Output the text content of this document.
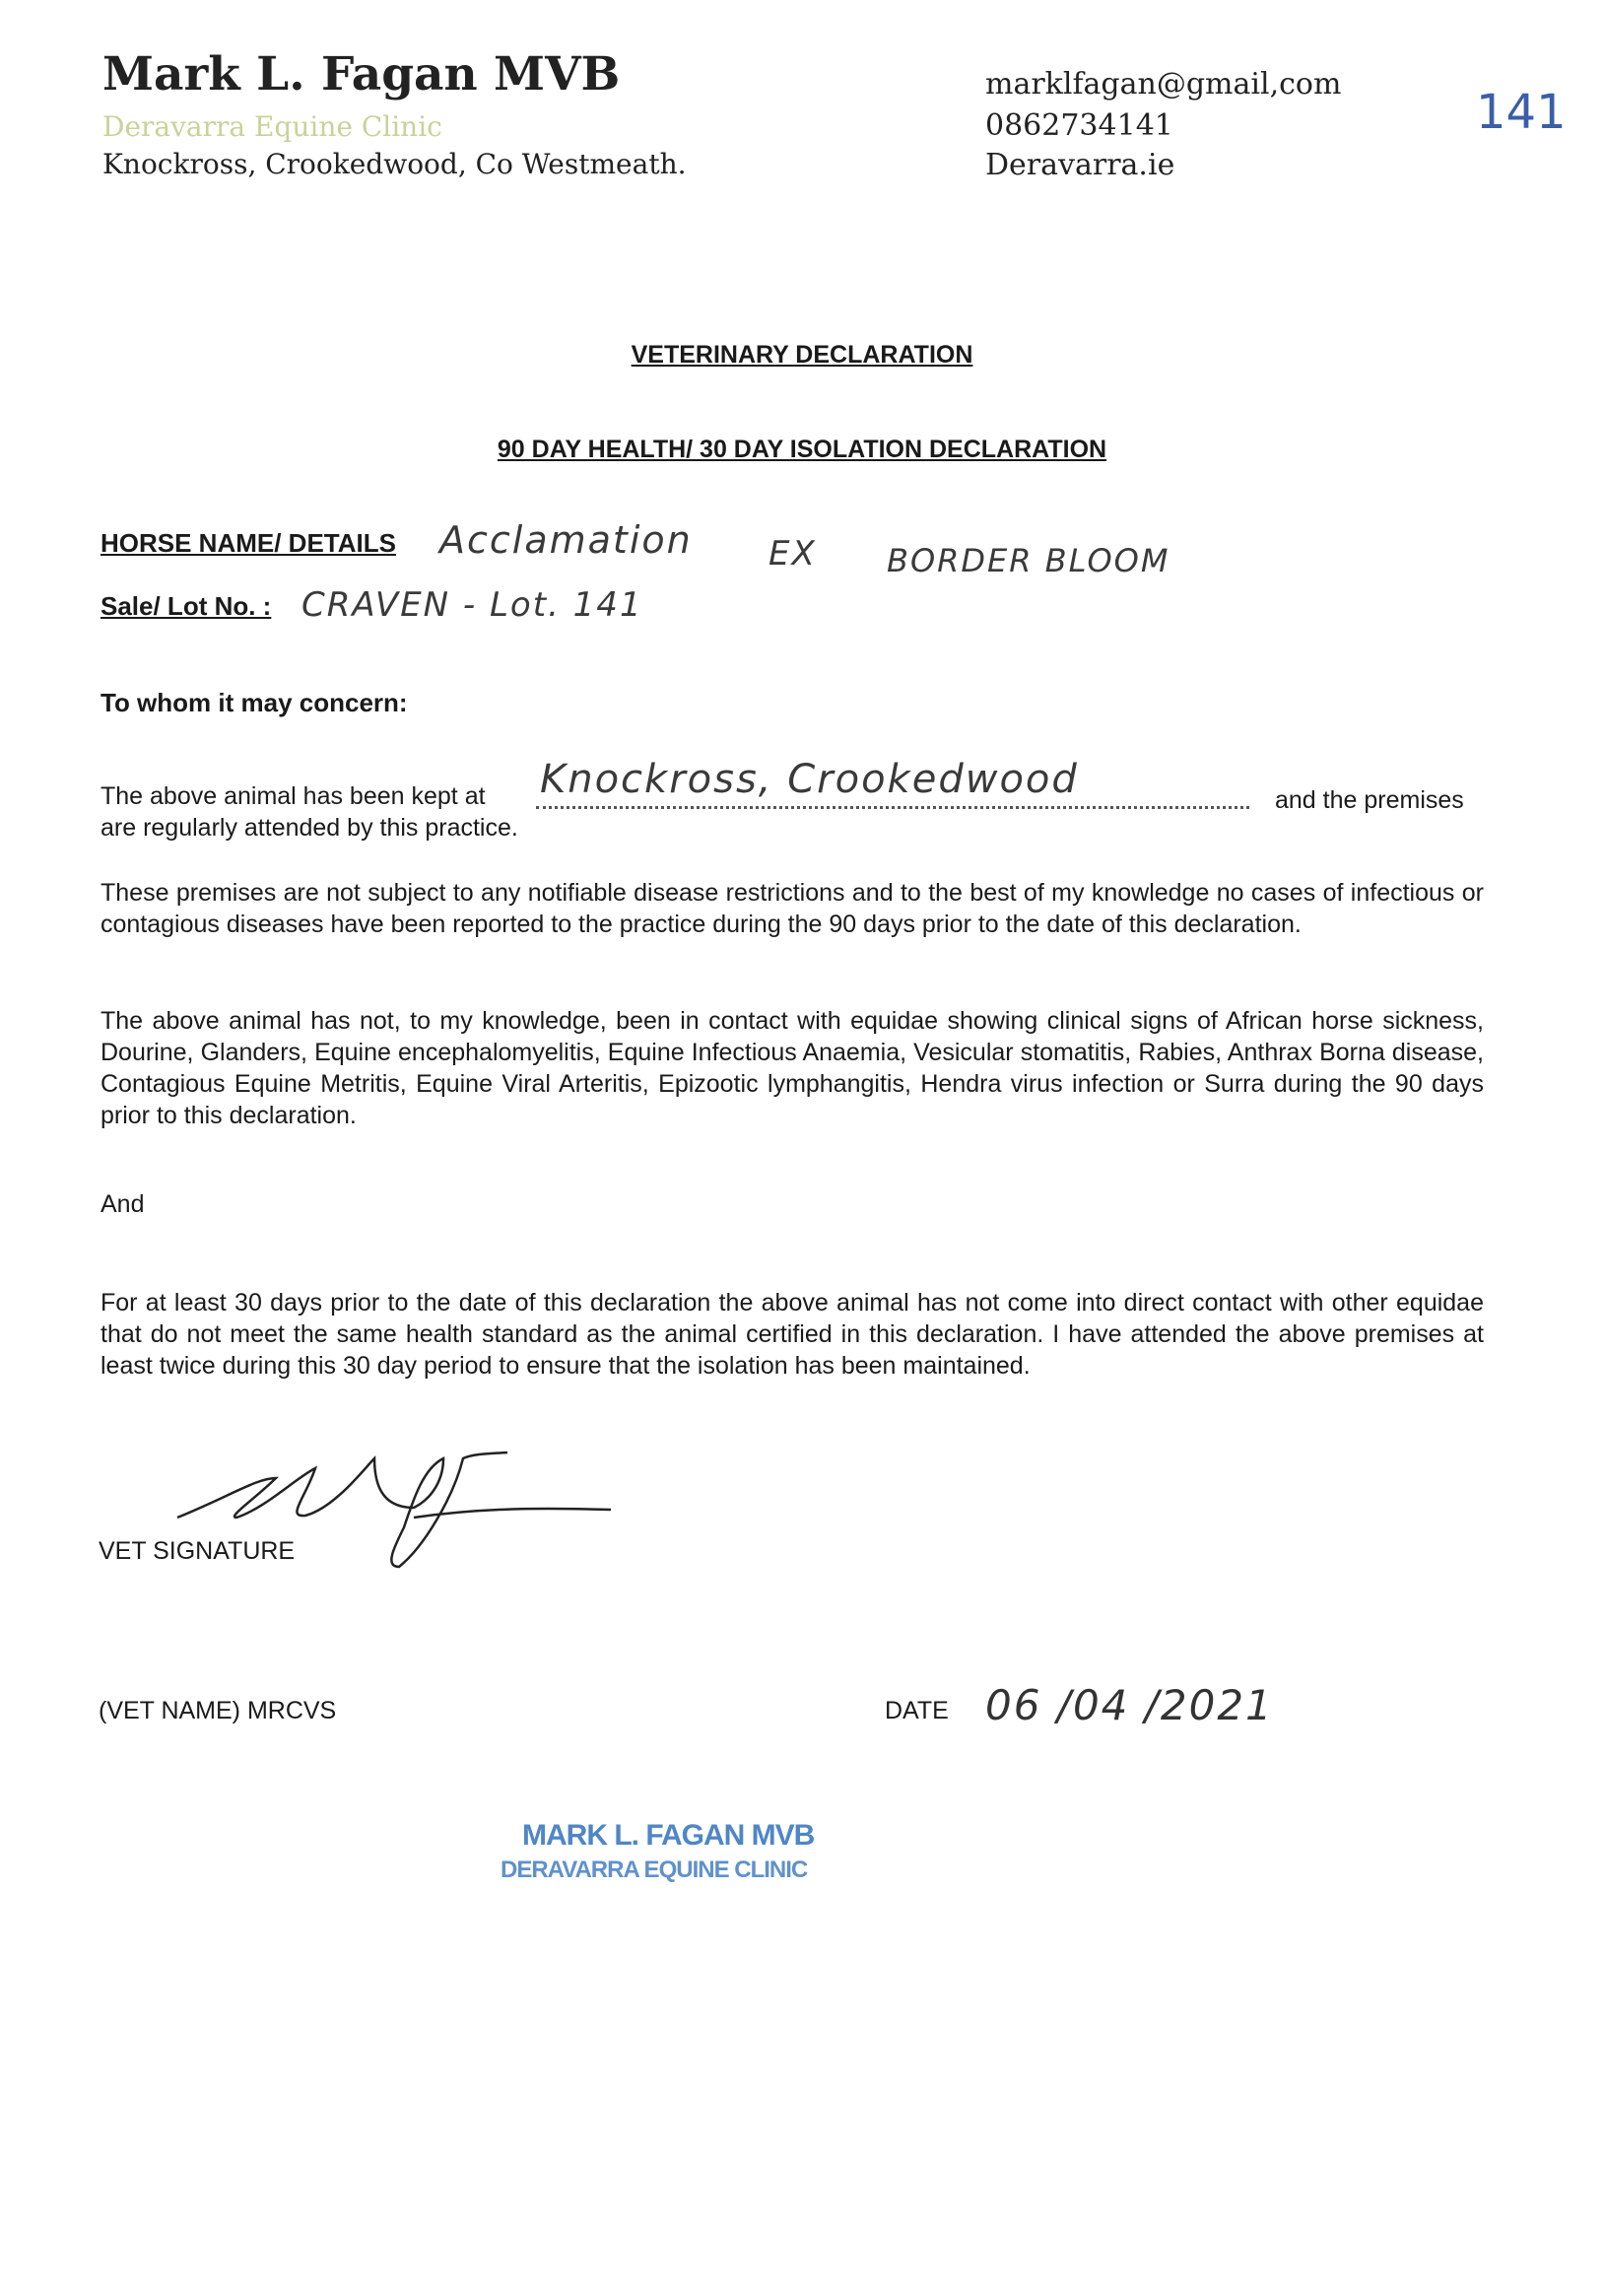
Mark L. Fagan MVB
Deravarra Equine Clinic
Knockross, Crookedwood, Co Westmeath.
marklfagan@gmail,com
0862734141
Deravarra.ie
141
VETERINARY DECLARATION
90 DAY HEALTH/ 30 DAY ISOLATION DECLARATION
HORSE NAME/ DETAILS Acclamation EX BORDER BLOOM
Sale/ Lot No. : CRAVEN - Lot. 141
To whom it may concern:
The above animal has been kept at Knockross, Crookedwood	and the premises
are regularly attended by this practice.
These premises are not subject to any notifiable disease restrictions and to the best of my knowledge no cases of infectious or contagious diseases have been reported to the practice during the 90 days prior to the date of this declaration.
The above animal has not, to my knowledge, been in contact with equidae showing clinical signs of African horse sickness, Dourine, Glanders, Equine encephalomyelitis, Equine Infectious Anaemia, Vesicular stomatitis, Rabies, Anthrax Borna disease, Contagious Equine Metritis, Equine Viral Arteritis, Epizootic lymphangitis, Hendra virus infection or Surra during the 90 days prior to this declaration.
And
For at least 30 days prior to the date of this declaration the above animal has not come into direct contact with other equidae that do not meet the same health standard as the animal certified in this declaration. I have attended the above premises at least twice during this 30 day period to ensure that the isolation has been maintained.
VET SIGNATURE
(VET NAME) MRCVS	DATE 06 /04 /2021
MARK L. FAGAN MVB
DERAVARRA EQUINE CLINIC
